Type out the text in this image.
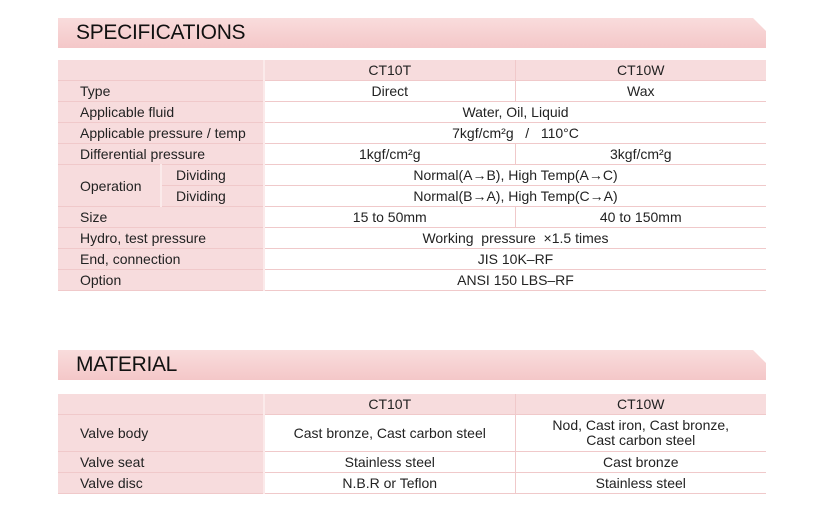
SPECIFICATIONS
		CT10T	CT10W
Type		Direct	Wax
Applicable fluid		Water, Oil, Liquid	
Applicable pressure / temp		7kgf/cm²g   /   110°C	
Differential pressure		1kgf/cm²g	3kgf/cm²g
Operation	Dividing	Normal(A→B), High Temp(A→C)	
	Dividing	Normal(B→A), High Temp(C→A)	
Size		15 to 50mm	40 to 150mm
Hydro, test pressure		Working  pressure  ×1.5 times	
End, connection		JIS 10K–RF	
Option		ANSI 150 LBS–RF	
MATERIAL
	CT10T	CT10W
Valve body	Cast bronze, Cast carbon steel	Nod, Cast iron, Cast bronze,
Cast carbon steel

Valve seat	Stainless steel	Cast bronze
Valve disc	N.B.R or Teflon	Stainless steel
